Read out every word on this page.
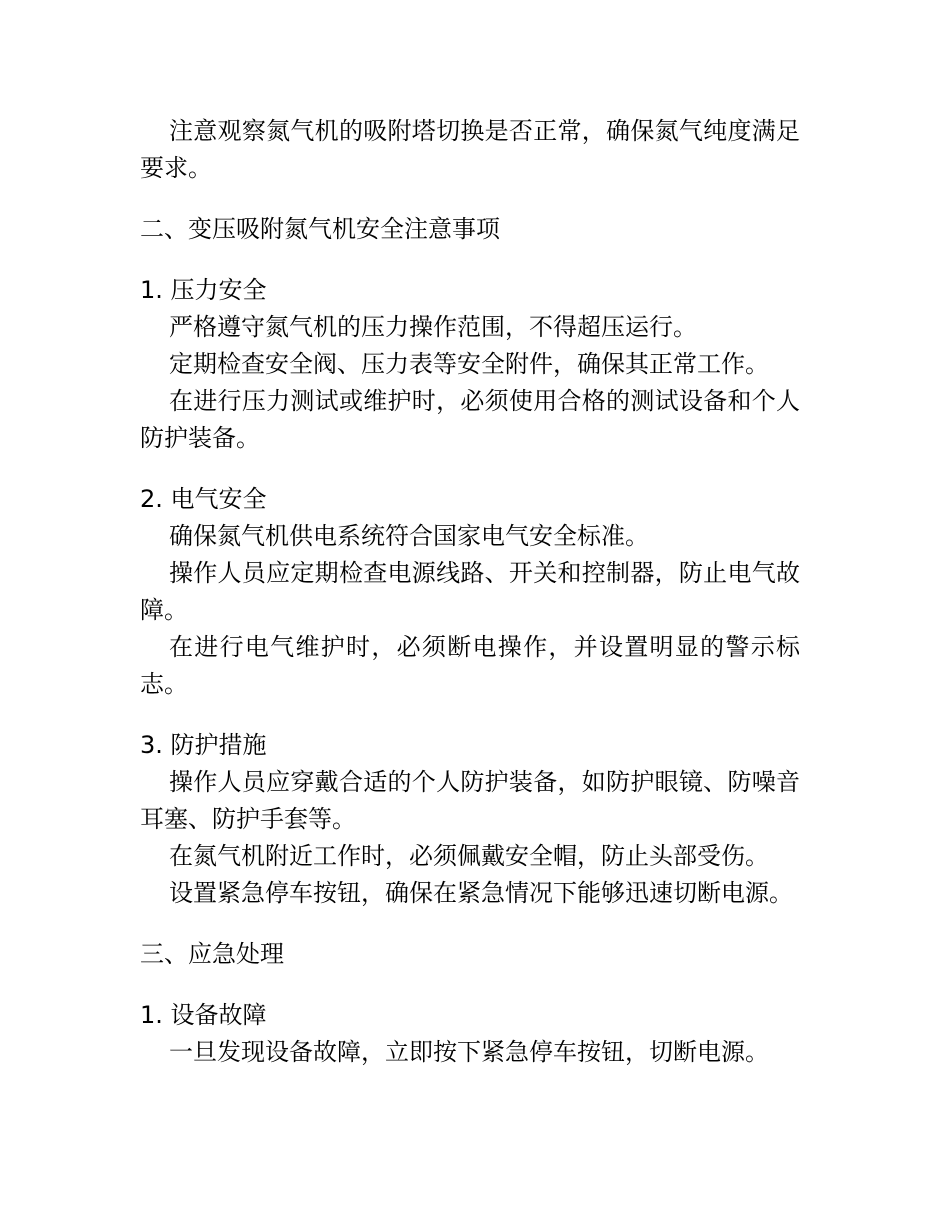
注意观察氮气机的吸附塔切换是否正常，确保氮气纯度满足要求。

二、变压吸附氮气机安全注意事项

1. 压力安全

严格遵守氮气机的压力操作范围，不得超压运行。

定期检查安全阀、压力表等安全附件，确保其正常工作。

在进行压力测试或维护时，必须使用合格的测试设备和个人防护装备。

2. 电气安全

确保氮气机供电系统符合国家电气安全标准。

操作人员应定期检查电源线路、开关和控制器，防止电气故障。

在进行电气维护时，必须断电操作，并设置明显的警示标志。

3. 防护措施

操作人员应穿戴合适的个人防护装备，如防护眼镜、防噪音耳塞、防护手套等。

在氮气机附近工作时，必须佩戴安全帽，防止头部受伤。

设置紧急停车按钮，确保在紧急情况下能够迅速切断电源。

三、应急处理

1. 设备故障

一旦发现设备故障，立即按下紧急停车按钮，切断电源。
